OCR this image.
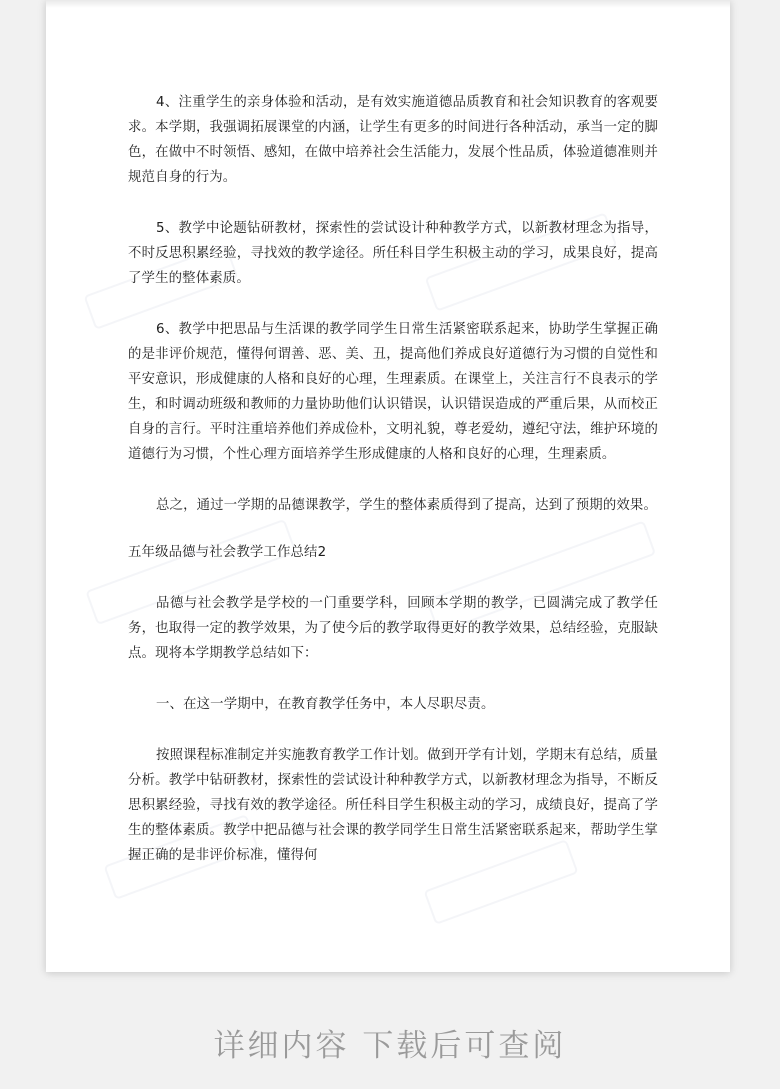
4、注重学生的亲身体验和活动，是有效实施道德品质教育和社会知识教育的客观要求。本学期，我强调拓展课堂的内涵，让学生有更多的时间进行各种活动，承当一定的脚色，在做中不时领悟、感知，在做中培养社会生活能力，发展个性品质，体验道德准则并规范自身的行为。

5、教学中论题钻研教材，探索性的尝试设计种种教学方式，以新教材理念为指导，不时反思积累经验，寻找效的教学途径。所任科目学生积极主动的学习，成果良好，提高了学生的整体素质。

6、教学中把思品与生活课的教学同学生日常生活紧密联系起来，协助学生掌握正确的是非评价规范，懂得何谓善、恶、美、丑，提高他们养成良好道德行为习惯的自觉性和平安意识，形成健康的人格和良好的心理，生理素质。在课堂上，关注言行不良表示的学生，和时调动班级和教师的力量协助他们认识错误，认识错误造成的严重后果，从而校正自身的言行。平时注重培养他们养成俭朴，文明礼貌，尊老爱幼，遵纪守法，维护环境的道德行为习惯，个性心理方面培养学生形成健康的人格和良好的心理，生理素质。

总之，通过一学期的品德课教学，学生的整体素质得到了提高，达到了预期的效果。

五年级品德与社会教学工作总结2

品德与社会教学是学校的一门重要学科，回顾本学期的教学，已圆满完成了教学任务，也取得一定的教学效果，为了使今后的教学取得更好的教学效果，总结经验，克服缺点。现将本学期教学总结如下：

一、在这一学期中，在教育教学任务中，本人尽职尽责。

按照课程标准制定并实施教育教学工作计划。做到开学有计划，学期末有总结，质量分析。教学中钻研教材，探索性的尝试设计种种教学方式，以新教材理念为指导，不断反思积累经验，寻找有效的教学途径。所任科目学生积极主动的学习，成绩良好，提高了学生的整体素质。教学中把品德与社会课的教学同学生日常生活紧密联系起来，帮助学生掌握正确的是非评价标准，懂得何

详细内容 下载后可查阅
